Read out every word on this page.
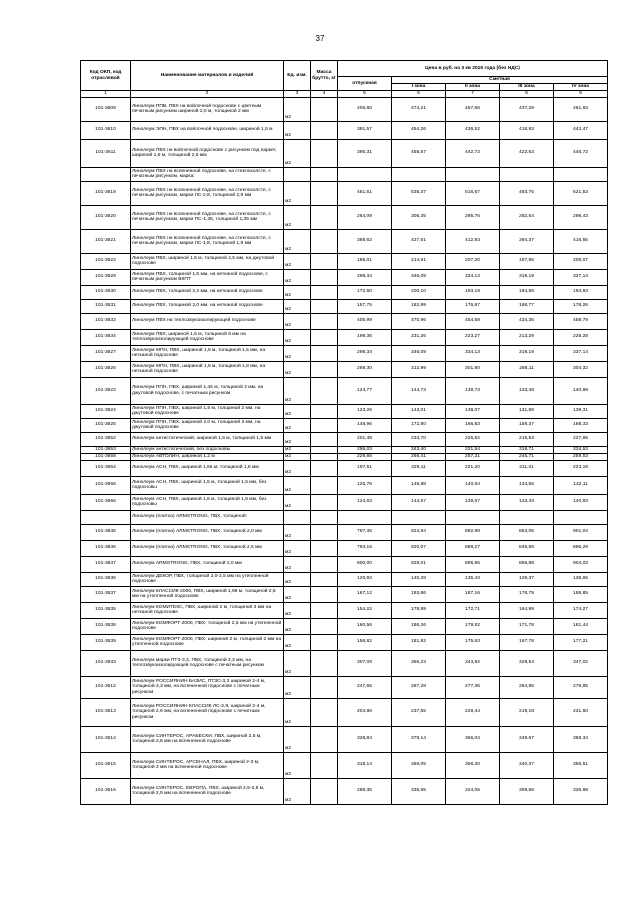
37
Код ОКП, код отраслевой	Наименование материалов и изделий	Ед. изм.	Масса брутто, кг	Цена в руб. на 3 кв 2015 года (без НДС)				
				отпускная	Сметная			
					I зона	II зона	III зона	IV зона
1	2	3	4	5	6	7	8	9
101-3609	Линолеум ППВ, ПВХ на войлочной подоснове с цветным печатным рисунком шириной 2,0 м, толщиной 2 мм	м2		405,60	474,21	457,66	437,29	461,93
101-3610	Линолеум ЭПН, ПВХ на войлочной подоснове, шириной 1,5 м	м2		391,57	454,26	436,52	418,93	442,47
101-3611	Линолеум ПВХ на войлочной подоснове с рисунком под паркет, шириной 1,5 м, толщиной 2,5 мм	м2		395,31	458,57	442,72	422,63	446,72
	Линолеум ПВХ на вспененной подоснове, на стеклохолсте, с печатным рисунком, марка:							
101-3619	Линолеум ПВХ на вспененной подоснове, на стеклохолсте, с печатным рисунком, марки ЛС-2,8, толщиной 2,8 мм	м2		461,51	535,37	516,67	493,75	521,53
101-3620	Линолеум ПВХ на вспененной подоснове, на стеклохолсте, с печатным рисунком, марки ПС-1,35, толщиной 1,35 мм	м2		264,09	306,35	295,76	282,54	298,43
101-3621	Линолеум ПВХ на вспененной подоснове, на стеклохолсте, с печатным рисунком, марки ЛС-1,8, толщиной 1,8 мм	м2		368,62	427,61	412,93	394,37	416,56
101-3622	Линолеум ПВХ, шириной 1,5 м, толщиной 2,5 мм, на джутовой подоснове	м2		185,01	214,91	207,20	197,95	209,07
101-3629	Линолеум ПВХ, толщиной 1,6 мм, на нетканой подоснове, с печатным рисунком ВКПТ	м2		298,34	346,09	334,13	319,19	337,14
101-3630	Линолеум ПВХ, толщиной 2,2 мм, на нетканой подоснове	м2		172,50	200,10	193,19	184,55	194,93
101-3631	Линолеум ПВХ, толщиной 2,0 мм, на нетканой подоснове	м2		157,75	182,99	176,67	168,77	178,26
101-3632	Линолеум ПВХ на теплозвукоизолирующей подоснове	м2		405,99	470,96	454,68	434,35	458,79
101-3634	Линолеум ПВХ, шириной 1,5 м, толщиной 5 мм на теплозвукоизолирующей подоснове	м2		199,36	231,26	223,27	213,29	225,28
101-3627	Линолеум МПН, ПВХ, шириной 1,5 м, толщиной 1,5 мм, на нетканой подоснове	м2		298,34	346,09	334,13	319,19	337,14
101-3626	Линолеум МПН, ПВХ, шириной 1,5 м, толщиной 1,8 мм, на нетканой подоснове	м2		269,30	312,99	301,90	288,11	304,32
101-3623	Линолеум ППН, ПВХ, шириной 1,45 м, толщиной 2 мм, на джутовой подоснове, с печатным рисунком	м2		124,77	144,73	139,73	133,48	140,99
101-3624	Линолеум ППН, ПВХ, шириной 1,5 м, толщиной 2 мм, на джутовой подоснове	м2		123,26	143,01	138,07	131,89	139,31
101-3625	Линолеум ППН, ПВХ, шириной 2,0 м, толщиной 3 мм, на джутовой подоснове	м2		148,96	172,80	166,83	159,37	168,33
101-3652	Линолеум антистатический, шириной 1,5 м, толщиной 1,5 мм	м2		201,48	233,70	225,62	215,53	227,65
101-3653	Линолеум антистатический, без подосновы	м2		296,03	343,40	331,54	316,71	334,53
101-3658	Линолеум АВТОЛИН, шириной 1,2 м	м2		229,66	266,41	257,21	245,71	259,53
101-3654	Линолеум АСН, ПВХ, шириной 1,55 м, толщиной 1,8 мм	м2		197,51	229,11	221,20	211,31	223,19
101-3655	Линолеум АСН, ПВХ, шириной 1,5 м, толщиной 1,5 мм, без подосновы	м2		125,76	145,88	140,84	134,55	142,11
101-3656	Линолеум АСН, ПВХ, шириной 1,6 м, толщиной 1,5 мм, без подосновы	м2		124,63	144,57	139,57	133,33	140,83
	Линолеум (плитка) ARMSTRONG, ПВХ, толщиной:							
101-3645	Линолеум (плитка) ARMSTRONG, ПВХ, толщиной 2,0 мм	м2		797,35	924,94	892,98	853,05	901,04
101-3646	Линолеум (плитка) ARMSTRONG, ПВХ, толщиной 2,5 мм	м2		793,15	920,07	888,27	848,55	896,29
101-3647	Линолеум ARMSTRONG, ПВХ, толщиной 2,0 мм	м2		800,00	928,01	895,95	855,88	904,03
101-3636	Линолеум ДЕКОР, ПВХ, толщиной 2,0-2,5 мм на утепленной подоснове	м2		120,93	140,28	135,43	129,37	136,65
101-3637	Линолеум КЛАССИК-2000, ПВХ, шириной 1,98 м, толщиной 2,5 мм на утепленной подоснове	м2		167,12	193,86	187,16	178,79	188,85
101-3635	Линолеум КОМИТЕКС, ПВХ, шириной 2 м, толщиной 3 мм на нетканой подоснове	м2		154,22	178,89	172,71	164,99	174,27
101-3638	Линолеум КОМФОРТ-2000, ПВХ, толщиной 2,5 мм на утепленной подоснове	м2		160,56	186,26	179,82	171,78	181,44
101-3639	Линолеум КОМФОРТ-2000, ПВХ, шириной 2 м, толщиной 2 мм на утепленной подоснове	м2		156,82	181,92	175,63	167,78	177,21
101-3933	Линолеум марки ПТЗ-3,3, ПВХ, толщиной 3,3 мм, на теплозвукоизолирующей подоснове с печатным рисунком	м2		307,09	356,23	343,92	328,54	347,02
101-3612	Линолеум РОССИЯНИН БАЗИС, ПТЗС-3,3 шириной 2-4 м, толщиной 3,3 мм, на вспененной подоснове с печатным рисунком	м2		247,65	287,28	277,36	264,95	279,85
101-3613	Линолеум РОССИЯНИН КЛАССИК ЛС-2,9, шириной 2-4 м, толщиной 2,9 мм, на вспененной подоснове с печатным рисунком	м2		204,86	237,65	229,44	219,18	231,50
101-3614	Линолеум СИНТЕРОС, АРАБЕСКИ, ПВХ, шириной 2,5 м, толщиной 2,8 мм на вспененной подоснове	м2		326,84	379,14	366,04	349,67	369,34
101-3615	Линолеум СИНТЕРОС, АРСЕНАЛ, ПВХ, шириной 2-3 м, толщиной 3 мм на вспененной подоснове	м2		318,14	369,05	356,30	340,37	359,51
101-3616	Линолеум СИНТЕРОС, ЕВРОПА, ПВХ, шириной 2,5-3,5 м, толщиной 2,9 мм на вспененной подоснове	м2		289,35	335,65	324,05	309,56	326,98
